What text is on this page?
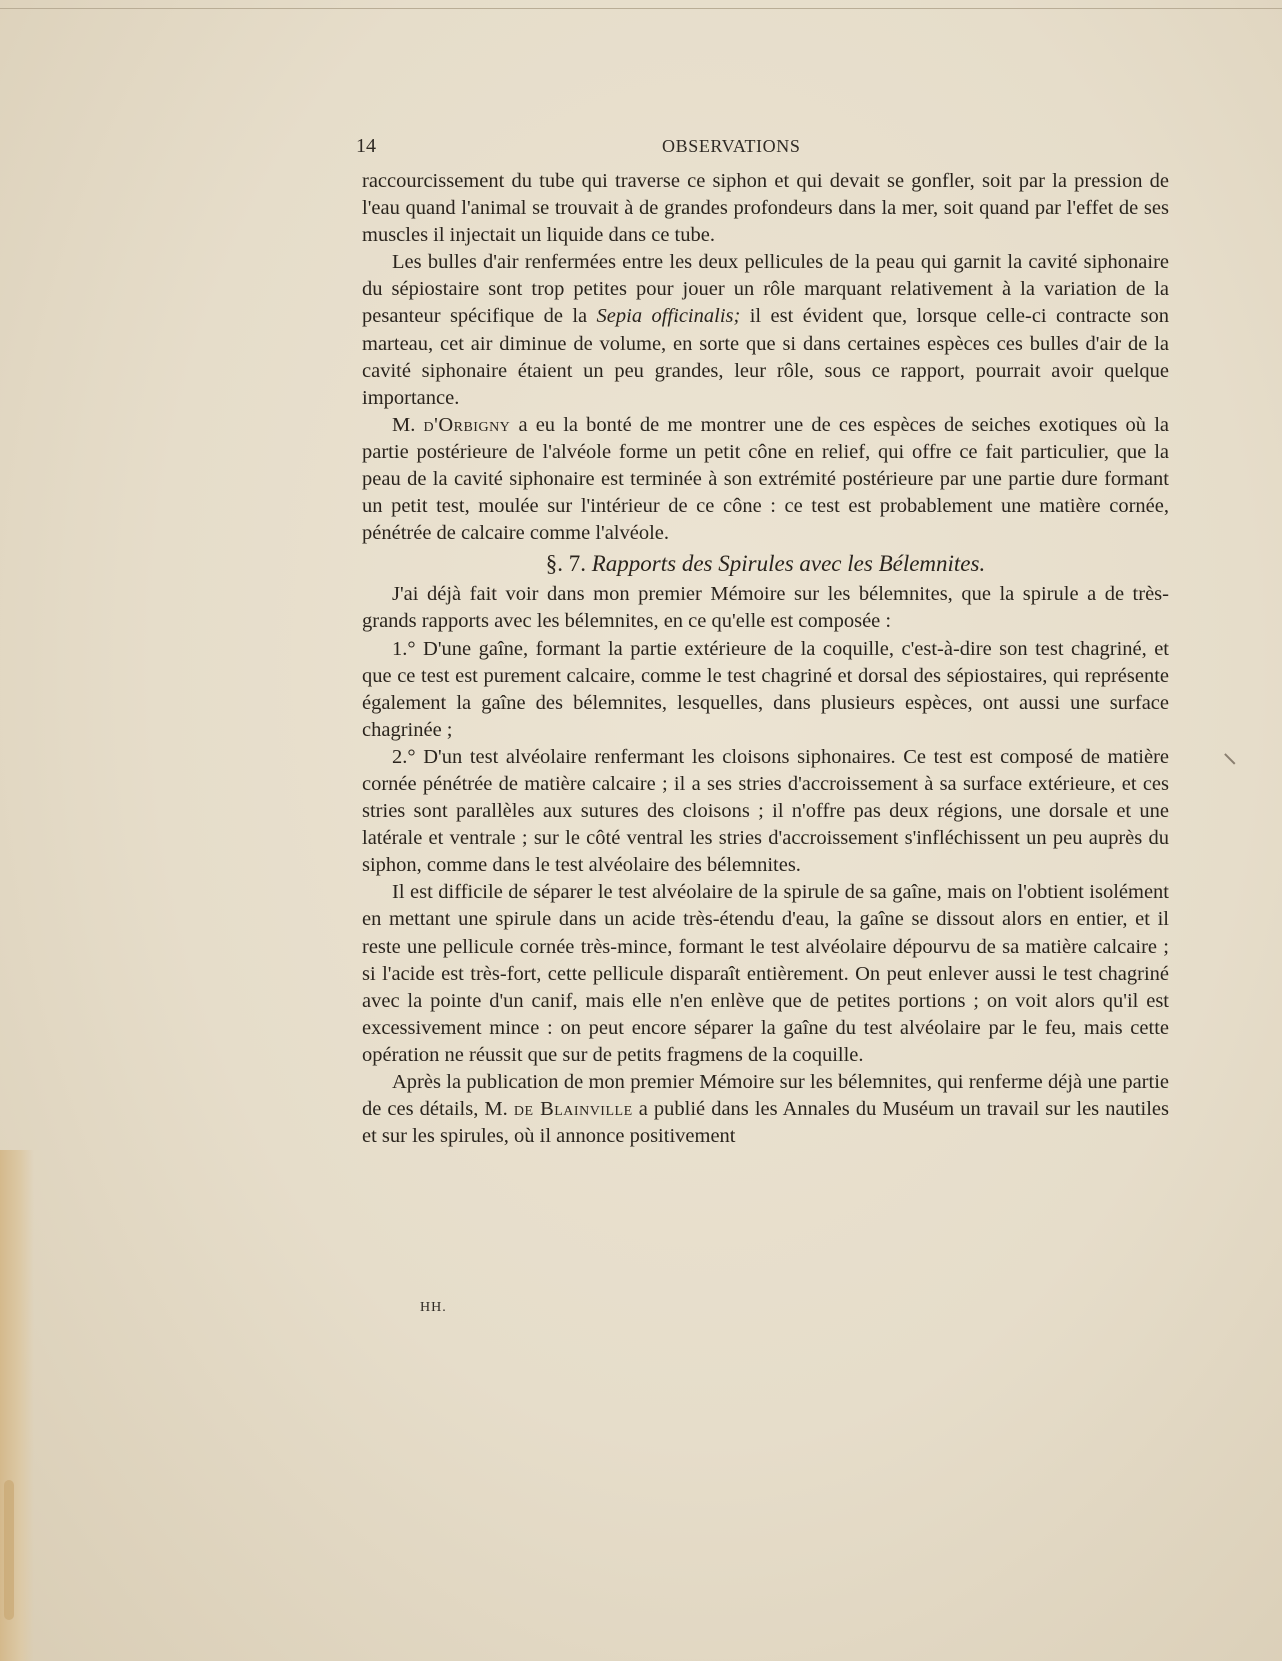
14	OBSERVATIONS

raccourcissement du tube qui traverse ce siphon et qui devait se gonfler, soit par la pression de l'eau quand l'animal se trouvait à de grandes profondeurs dans la mer, soit quand par l'effet de ses muscles il injectait un liquide dans ce tube.

Les bulles d'air renfermées entre les deux pellicules de la peau qui garnit la cavité siphonaire du sépiostaire sont trop petites pour jouer un rôle marquant relativement à la variation de la pesanteur spécifique de la Sepia officinalis; il est évident que, lorsque celle-ci contracte son marteau, cet air diminue de volume, en sorte que si dans certaines espèces ces bulles d'air de la cavité siphonaire étaient un peu grandes, leur rôle, sous ce rapport, pourrait avoir quelque importance.

M. d'Orbigny a eu la bonté de me montrer une de ces espèces de seiches exotiques où la partie postérieure de l'alvéole forme un petit cône en relief, qui offre ce fait particulier, que la peau de la cavité siphonaire est terminée à son extrémité postérieure par une partie dure formant un petit test, moulée sur l'intérieur de ce cône : ce test est probablement une matière cornée, pénétrée de calcaire comme l'alvéole.

§. 7. Rapports des Spirules avec les Bélemnites.

J'ai déjà fait voir dans mon premier Mémoire sur les bélemnites, que la spirule a de très-grands rapports avec les bélemnites, en ce qu'elle est composée :

1.° D'une gaîne, formant la partie extérieure de la coquille, c'est-à-dire son test chagriné, et que ce test est purement calcaire, comme le test chagriné et dorsal des sépiostaires, qui représente également la gaîne des bélemnites, lesquelles, dans plusieurs espèces, ont aussi une surface chagrinée ;

2.° D'un test alvéolaire renfermant les cloisons siphonaires. Ce test est composé de matière cornée pénétrée de matière calcaire ; il a ses stries d'accroissement à sa surface extérieure, et ces stries sont parallèles aux sutures des cloisons ; il n'offre pas deux régions, une dorsale et une latérale et ventrale ; sur le côté ventral les stries d'accroissement s'infléchissent un peu auprès du siphon, comme dans le test alvéolaire des bélemnites.

Il est difficile de séparer le test alvéolaire de la spirule de sa gaîne, mais on l'obtient isolément en mettant une spirule dans un acide très-étendu d'eau, la gaîne se dissout alors en entier, et il reste une pellicule cornée très-mince, formant le test alvéolaire dépourvu de sa matière calcaire ; si l'acide est très-fort, cette pellicule disparaît entièrement. On peut enlever aussi le test chagriné avec la pointe d'un canif, mais elle n'en enlève que de petites portions ; on voit alors qu'il est excessivement mince : on peut encore séparer la gaîne du test alvéolaire par le feu, mais cette opération ne réussit que sur de petits fragmens de la coquille.

Après la publication de mon premier Mémoire sur les bélemnites, qui renferme déjà une partie de ces détails, M. de Blainville a publié dans les Annales du Muséum un travail sur les nautiles et sur les spirules, où il annonce positivement

HH.
